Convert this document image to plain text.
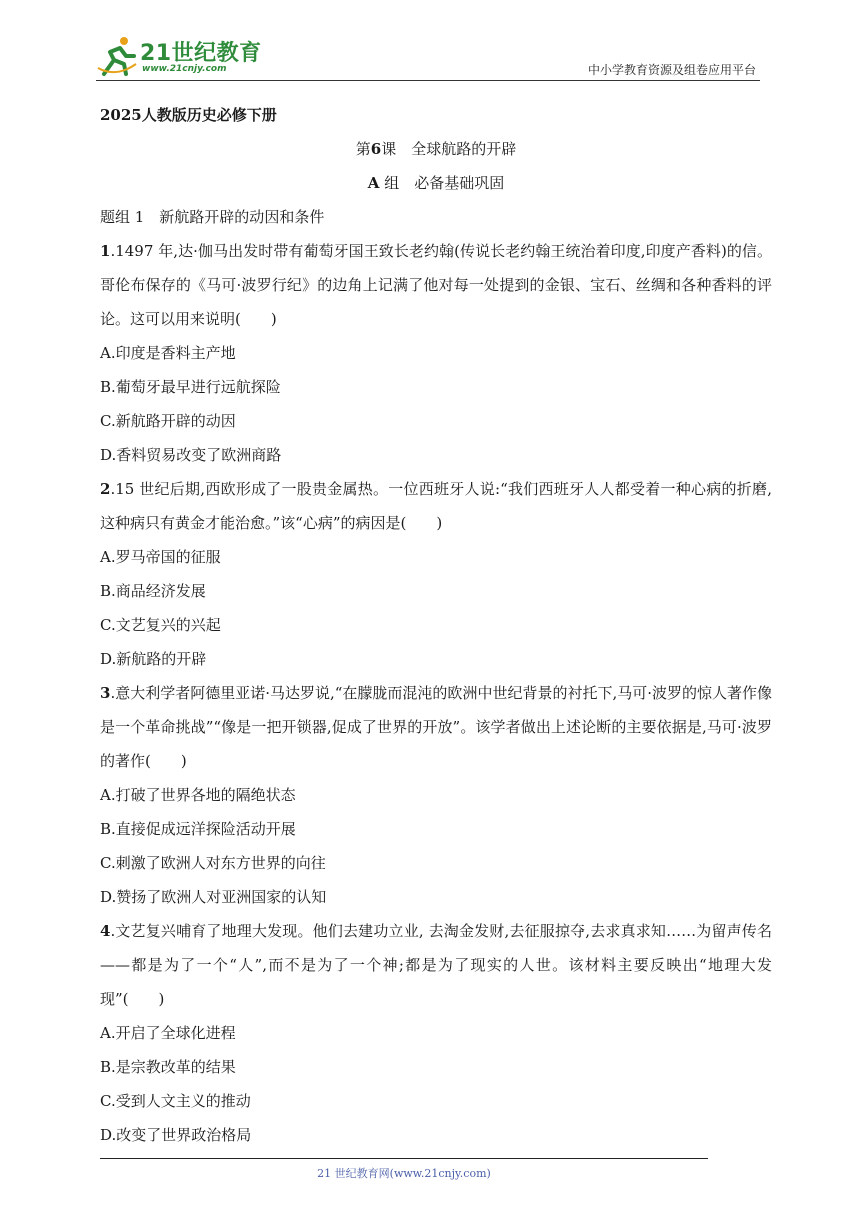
21世纪教育
www.21cnjy.com	中小学教育资源及组卷应用平台
2025人教版历史必修下册
第6课　全球航路的开辟
A 组　必备基础巩固
题组 1　新航路开辟的动因和条件
1.1497 年,达·伽马出发时带有葡萄牙国王致长老约翰(传说长老约翰王统治着印度,印度产香料)的信。哥伦布保存的《马可·波罗行纪》的边角上记满了他对每一处提到的金银、宝石、丝绸和各种香料的评论。这可以用来说明(　　)
A.印度是香料主产地
B.葡萄牙最早进行远航探险
C.新航路开辟的动因
D.香料贸易改变了欧洲商路
2.15 世纪后期,西欧形成了一股贵金属热。一位西班牙人说:“我们西班牙人人都受着一种心病的折磨,这种病只有黄金才能治愈。”该“心病”的病因是(　　)
A.罗马帝国的征服
B.商品经济发展
C.文艺复兴的兴起
D.新航路的开辟
3.意大利学者阿德里亚诺·马达罗说,“在朦胧而混沌的欧洲中世纪背景的衬托下,马可·波罗的惊人著作像是一个革命挑战”“像是一把开锁器,促成了世界的开放”。该学者做出上述论断的主要依据是,马可·波罗的著作(　　)
A.打破了世界各地的隔绝状态
B.直接促成远洋探险活动开展
C.刺激了欧洲人对东方世界的向往
D.赞扬了欧洲人对亚洲国家的认知
4.文艺复兴哺育了地理大发现。他们去建功立业, 去淘金发财,去征服掠夺,去求真求知……为留声传名——都是为了一个“人”,而不是为了一个神;都是为了现实的人世。该材料主要反映出“地理大发现”(　　)
A.开启了全球化进程
B.是宗教改革的结果
C.受到人文主义的推动
D.改变了世界政治格局
21 世纪教育网(www.21cnjy.com)
